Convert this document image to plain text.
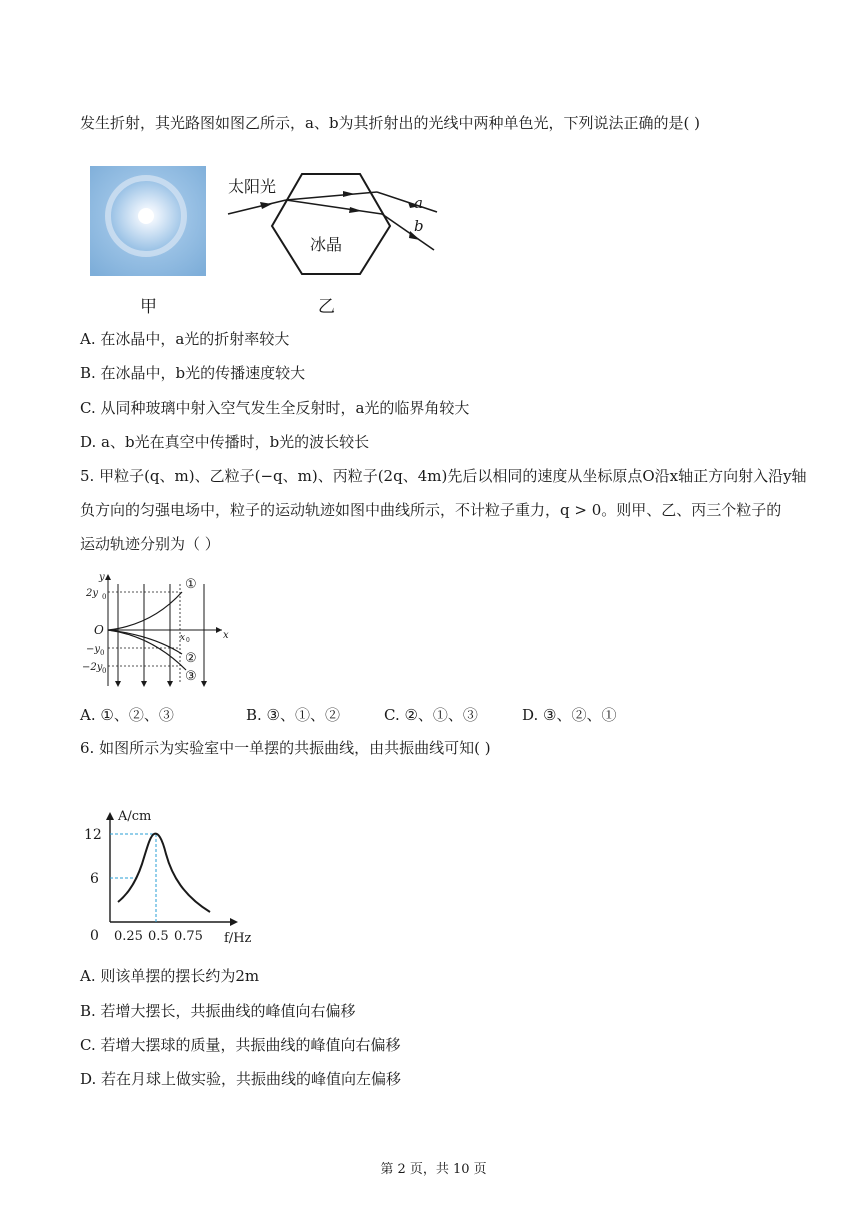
发生折射，其光路图如图乙所示，a、b为其折射出的光线中两种单色光，下列说法正确的是( )
甲
太阳光
冰晶
a
b
乙
A. 在冰晶中，a光的折射率较大
B. 在冰晶中，b光的传播速度较大
C. 从同种玻璃中射入空气发生全反射时，a光的临界角较大
D. a、b光在真空中传播时，b光的波长较长
5. 甲粒子(q、m)、乙粒子(−q、m)、丙粒子(2q、4m)先后以相同的速度从坐标原点O沿x轴正方向射入沿y轴
负方向的匀强电场中，粒子的运动轨迹如图中曲线所示，不计粒子重力，q > 0。则甲、乙、丙三个粒子的
运动轨迹分别为（ ）
①
②
③
y
x
O
2y 0
−y 0
−2y 0
x 0
A. ①、②、③	B. ③、①、②	C. ②、①、③	D. ③、②、①
6. 如图所示为实验室中一单摆的共振曲线，由共振曲线可知( )
A/cm
12
6
0 0.25 0.5 0.75 f/Hz
A. 则该单摆的摆长约为2m
B. 若增大摆长，共振曲线的峰值向右偏移
C. 若增大摆球的质量，共振曲线的峰值向右偏移
D. 若在月球上做实验，共振曲线的峰值向左偏移
第 2 页，共 10 页
